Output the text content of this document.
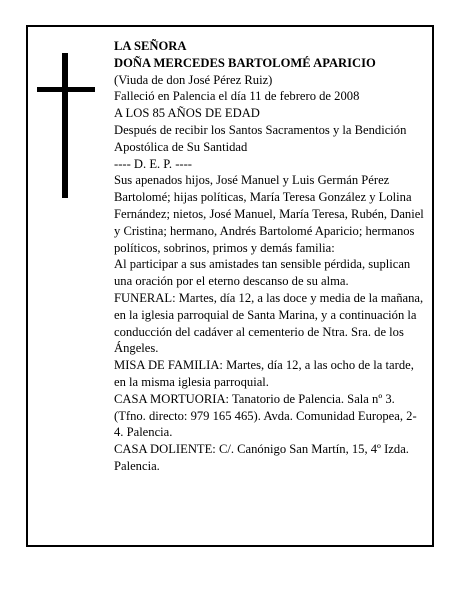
LA SEÑORA

DOÑA MERCEDES BARTOLOMÉ APARICIO

(Viuda de don José Pérez Ruiz)

Falleció en Palencia el día 11 de febrero de 2008

A LOS 85 AÑOS DE EDAD

Después de recibir los Santos Sacramentos y la Bendición Apostólica de Su Santidad

---- D. E. P. ----

Sus apenados hijos, José Manuel y Luis Germán Pérez Bartolomé; hijas políticas, María Teresa González y Lolina Fernández; nietos, José Manuel, María Teresa, Rubén, Daniel y Cristina; hermano, Andrés Bartolomé Aparicio; hermanos políticos, sobrinos, primos y demás familia:

Al participar a sus amistades tan sensible pérdida, suplican una oración por el eterno descanso de su alma.

FUNERAL: Martes, día 12, a las doce y media de la mañana, en la iglesia parroquial de Santa Marina, y a continuación la conducción del cadáver al cementerio de Ntra. Sra. de los Ángeles.

MISA DE FAMILIA: Martes, día 12, a las ocho de la tarde, en la misma iglesia parroquial.

CASA MORTUORIA: Tanatorio de Palencia. Sala nº 3. (Tfno. directo: 979 165 465). Avda. Comunidad Europea, 2-4. Palencia.

CASA DOLIENTE: C/. Canónigo San Martín, 15, 4º Izda. Palencia.
